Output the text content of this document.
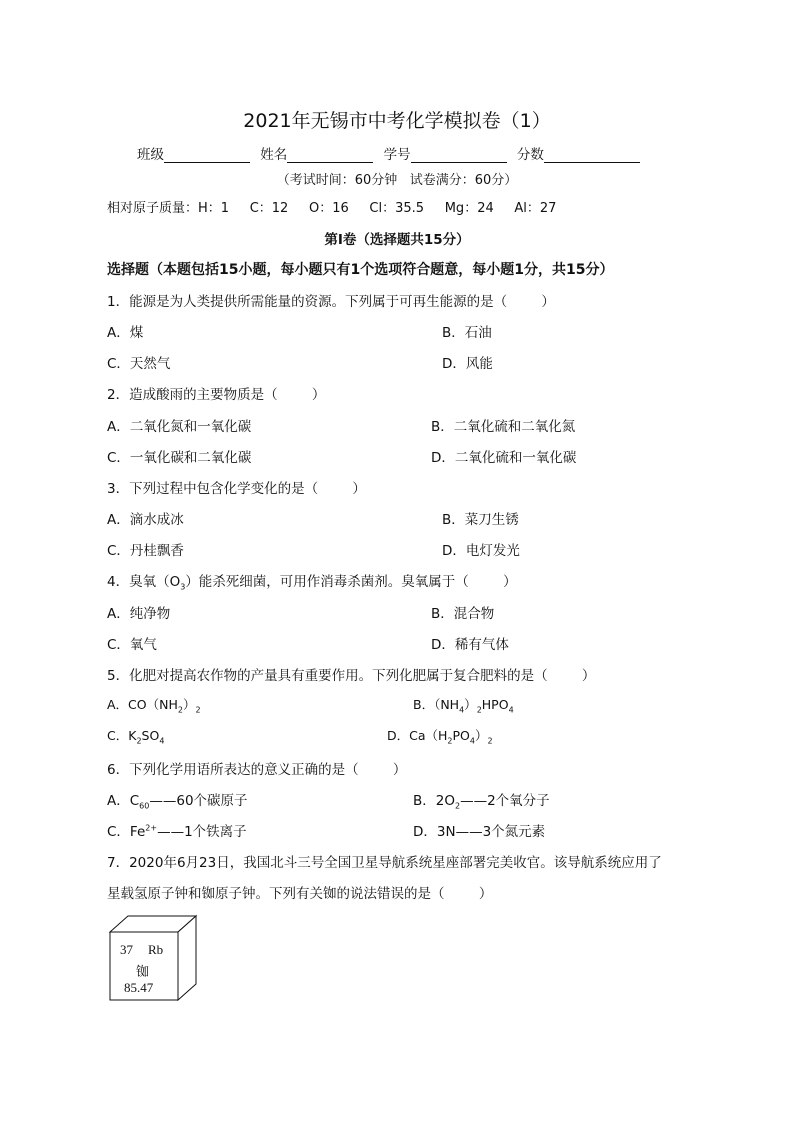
2021年无锡市中考化学模拟卷（1）
班级	姓名	学号	分数
（考试时间：60分钟   试卷满分：60分）
相对原子质量：H：1     C：12     O：16     Cl：35.5     Mg：24     Al：27
第I卷（选择题共15分）
选择题（本题包括15小题，每小题只有1个选项符合题意，每小题1分，共15分）
1．能源是为人类提供所需能量的资源。下列属于可再生能源的是（        ）
A．煤	B．石油
C．天然气	D．风能
2．造成酸雨的主要物质是（        ）
A．二氧化氮和一氧化碳	B．二氧化硫和二氧化氮
C．一氧化碳和二氧化碳	D．二氧化硫和一氧化碳
3．下列过程中包含化学变化的是（        ）
A．滴水成冰	B．菜刀生锈
C．丹桂飘香	D．电灯发光
4．臭氧$(O_3)$能杀死细菌，可用作消毒杀菌剂。臭氧属于（        ）
A．纯净物	B．混合物
C．氧气	D．稀有气体
5．化肥对提高农作物的产量具有重要作用。下列化肥属于复合肥料的是（        ）
A．$CO(NH_2)_2$	B．$(NH_4)_2HPO_4$
C．$K_2SO_4$	D．$Ca(H_2PO_4)_2$
6．下列化学用语所表达的意义正确的是（        ）
A．$C_{60}——60$个碳原子	B．$2O_2——2$个氧分子
C．$Fe^{2+}——1$个铁离子	D．3N——3个氮元素
7．2020年6月23日，我国北斗三号全国卫星导航系统星座部署完美收官。该导航系统应用了
星载氢原子钟和铷原子钟。下列有关铷的说法错误的是（        ）
37 Rb
铷
85.47
